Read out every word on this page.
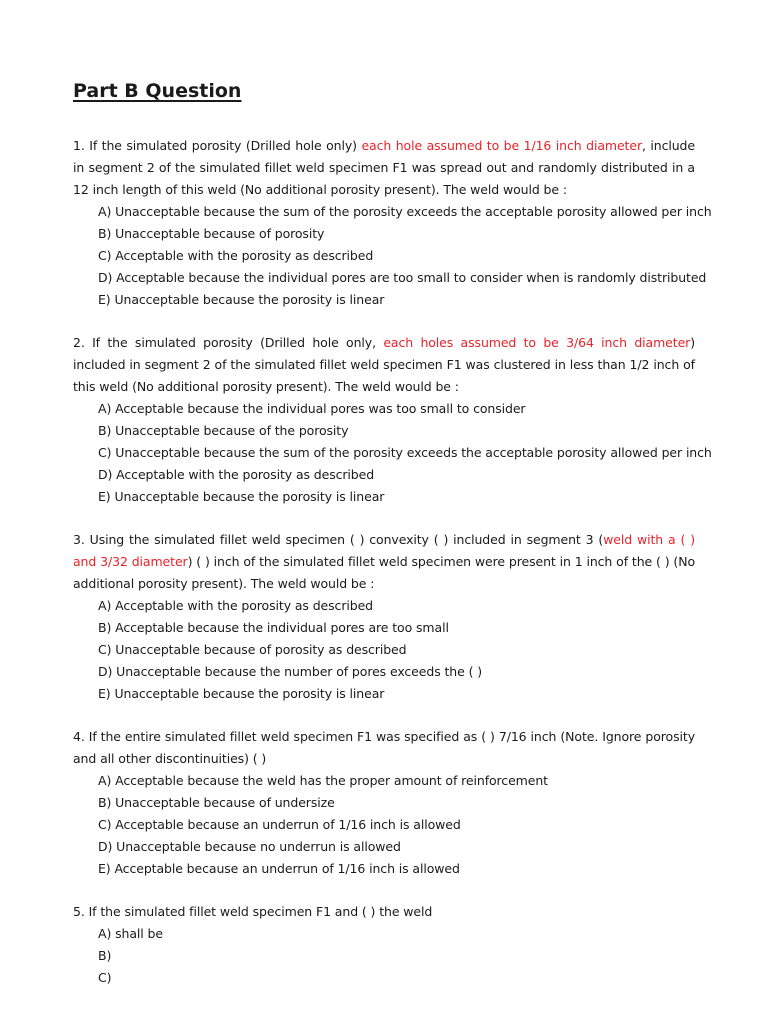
Part B Question
1. If the simulated porosity (Drilled hole only) each hole assumed to be 1/16 inch diameter, include in segment 2 of the simulated fillet weld specimen F1 was spread out and randomly distributed in a 12 inch length of this weld (No additional porosity present). The weld would be :
A) Unacceptable because the sum of the porosity exceeds the acceptable porosity allowed per inch
B) Unacceptable because of porosity
C) Acceptable with the porosity as described
D) Acceptable because the individual pores are too small to consider when is randomly distributed
E) Unacceptable because the porosity is linear
2. If the simulated porosity (Drilled hole only, each holes assumed to be 3/64 inch diameter) included in segment 2 of the simulated fillet weld specimen F1 was clustered in less than 1/2 inch of this weld (No additional porosity present). The weld would be :
A) Acceptable because the individual pores was too small to consider
B) Unacceptable because of the porosity
C) Unacceptable because the sum of the porosity exceeds the acceptable porosity allowed per inch
D) Acceptable with the porosity as described
E) Unacceptable because the porosity is linear
3. Using the simulated fillet weld specimen ( ) convexity ( ) included in segment 3 (weld with a ( ) and 3/32 diameter) ( ) inch of the simulated fillet weld specimen were present in 1 inch of the ( ) (No additional porosity present). The weld would be :
A) Acceptable with the porosity as described
B) Acceptable because the individual pores are too small
C) Unacceptable because of porosity as described
D) Unacceptable because the number of pores exceeds the ( )
E) Unacceptable because the porosity is linear
4. If the entire simulated fillet weld specimen F1 was specified as ( ) 7/16 inch (Note. Ignore porosity and all other discontinuities) ( )
A) Acceptable because the weld has the proper amount of reinforcement
B) Unacceptable because of undersize
C) Acceptable because an underrun of 1/16 inch is allowed
D) Unacceptable because no underrun is allowed
E) Acceptable because an underrun of 1/16 inch is allowed
5. If the simulated fillet weld specimen F1 and ( ) the weld
A) shall be
B)
C)
